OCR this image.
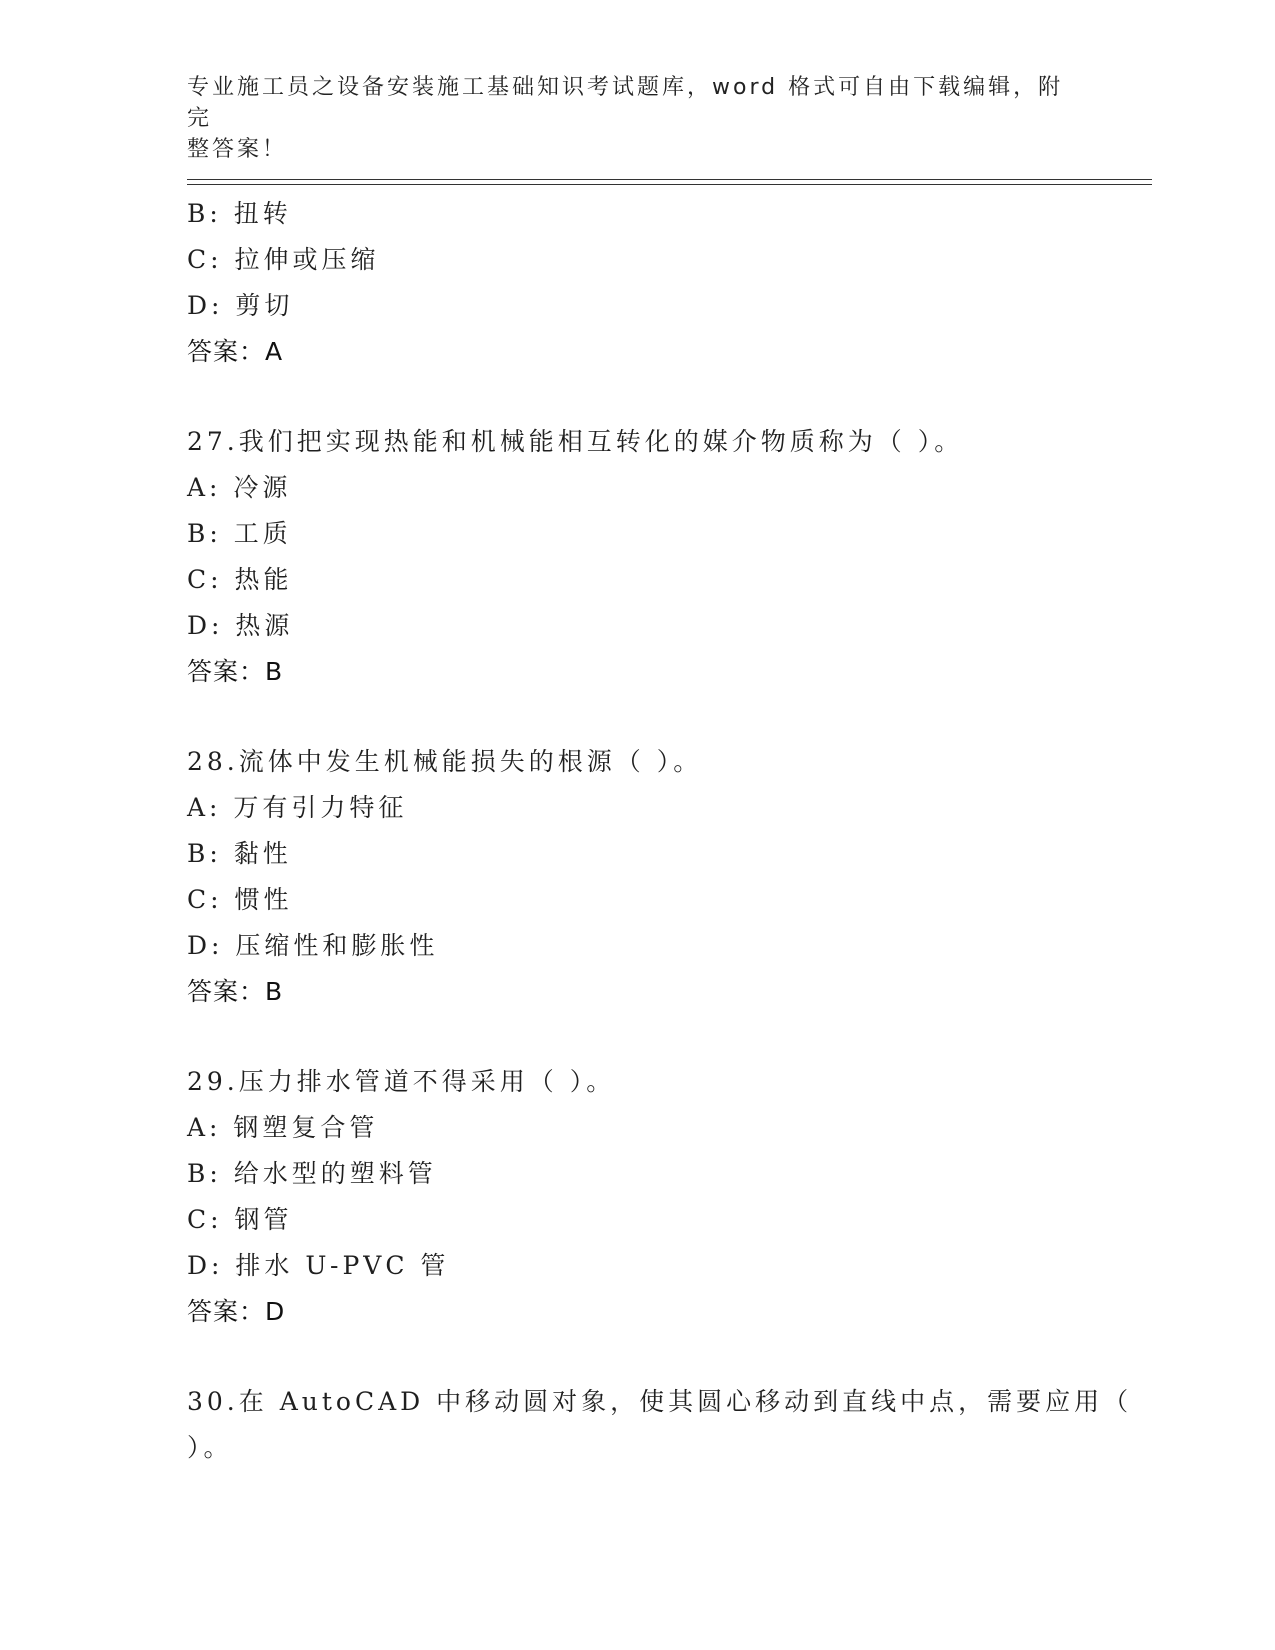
专业施工员之设备安装施工基础知识考试题库，word 格式可自由下载编辑，附完
整答案！
B: 扭转
C: 拉伸或压缩
D: 剪切
答案：A
27.我们把实现热能和机械能相互转化的媒介物质称为（ ）。
A: 冷源
B: 工质
C: 热能
D: 热源
答案：B
28.流体中发生机械能损失的根源（ ）。
A: 万有引力特征
B: 黏性
C: 惯性
D: 压缩性和膨胀性
答案：B
29.压力排水管道不得采用（ ）。
A: 钢塑复合管
B: 给水型的塑料管
C: 钢管
D: 排水 U-PVC 管
答案：D
30.在 AutoCAD 中移动圆对象，使其圆心移动到直线中点，需要应用（
）。
